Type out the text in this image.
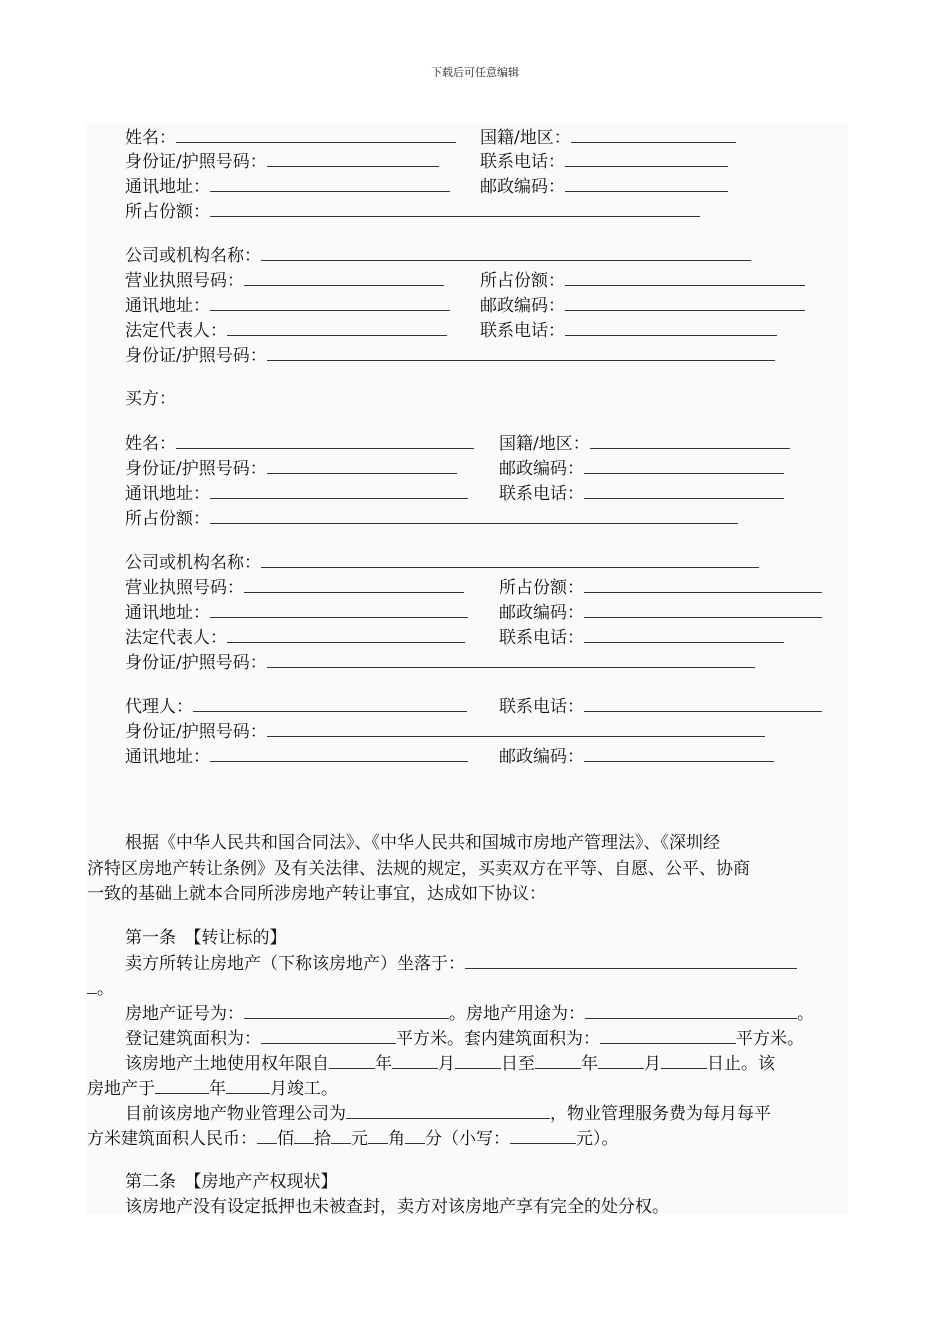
下载后可任意编辑
姓名：	国籍/地区：
身份证/护照号码：	联系电话：
通讯地址：	邮政编码：
所占份额：
公司或机构名称：
营业执照号码：	所占份额：
通讯地址：	邮政编码：
法定代表人：	联系电话：
身份证/护照号码：
买方：
姓名：	国籍/地区：
身份证/护照号码：	邮政编码：
通讯地址：	联系电话：
所占份额：
公司或机构名称：
营业执照号码：	所占份额：
通讯地址：	邮政编码：
法定代表人：	联系电话：
身份证/护照号码：
代理人：	联系电话：
身份证/护照号码：
通讯地址：	邮政编码：
根据《中华人民共和国合同法》、《中华人民共和国城市房地产管理法》、《深圳经
济特区房地产转让条例》及有关法律、法规的规定，买卖双方在平等、自愿、公平、协商
一致的基础上就本合同所涉房地产转让事宜，达成如下协议：
第一条　【转让标的】
卖方所转让房地产（下称该房地产）坐落于：
。
房地产证号为：	。房地产用途为：	。
登记建筑面积为：	平方米。套内建筑面积为：	平方米。
该房地产土地使用权年限自	年	月	日至	年	月	日止。该
房地产于	年	月竣工。
目前该房地产物业管理公司为	，物业管理服务费为每月每平
方米建筑面积人民币： 佰 拾 元 角 分（小写：	元）。
第二条　【房地产产权现状】
该房地产没有设定抵押也未被查封，卖方对该房地产享有完全的处分权。
